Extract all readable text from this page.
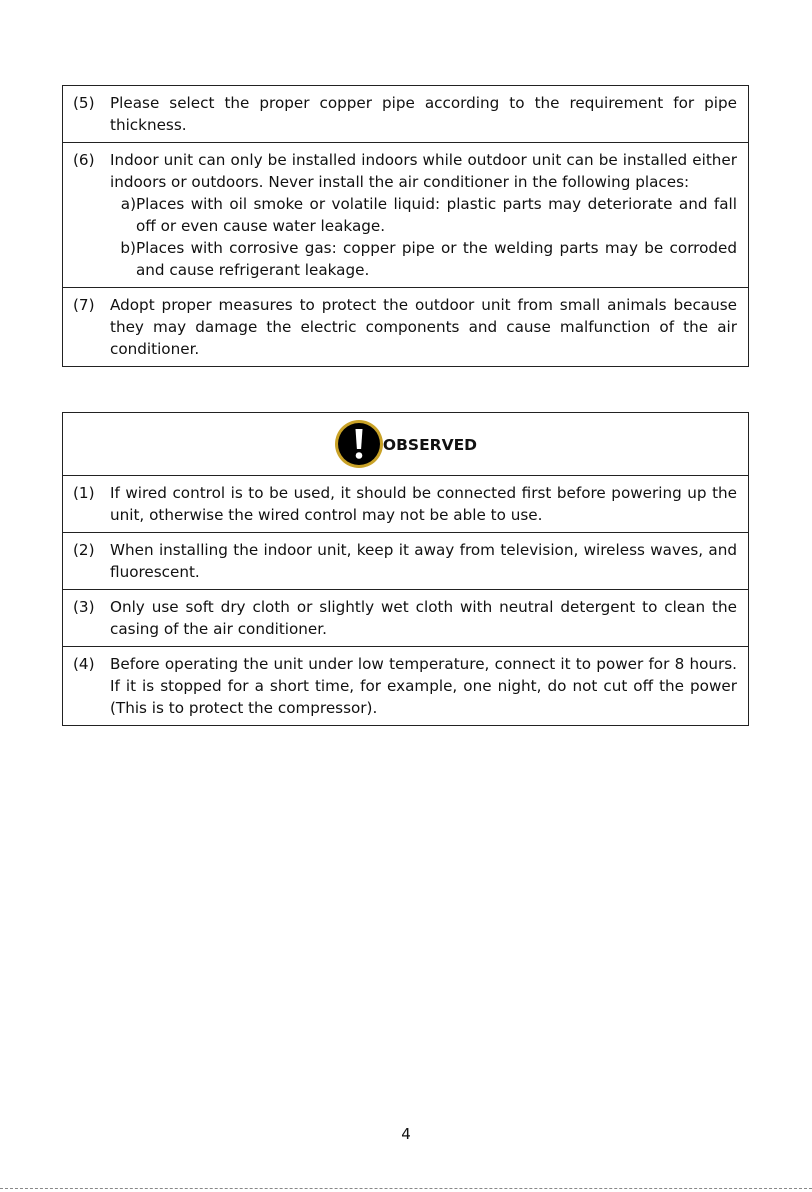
(5)	Please select the proper copper pipe according to the requirement for pipe thickness.
(6)	Indoor unit can only be installed indoors while outdoor unit can be installed either indoors or outdoors. Never install the air conditioner in the following places:
a) Places with oil smoke or volatile liquid: plastic parts may deteriorate and fall off or even cause water leakage.
b) Places with corrosive gas: copper pipe or the welding parts may be corroded and cause refrigerant leakage.
(7)	Adopt proper measures to protect the outdoor unit from small animals because they may damage the electric components and cause malfunction of the air conditioner.
OBSERVED
(1)	If wired control is to be used, it should be connected first before powering up the unit, otherwise the wired control may not be able to use.
(2)	When installing the indoor unit, keep it away from television, wireless waves, and fluorescent.
(3)	Only use soft dry cloth or slightly wet cloth with neutral detergent to clean the casing of the air conditioner.
(4)	Before operating the unit under low temperature, connect it to power for 8 hours. If it is stopped for a short time, for example, one night, do not cut off the power (This is to protect the compressor).
4
